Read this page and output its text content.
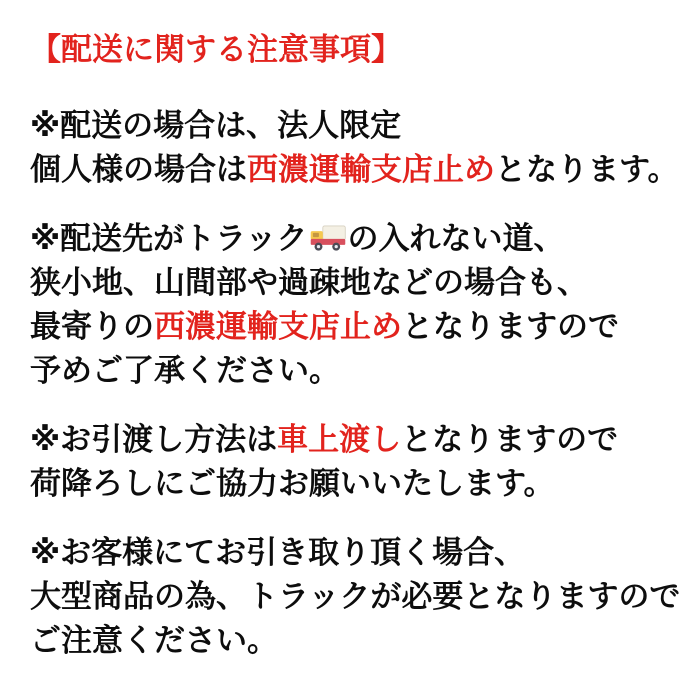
【配送に関する注意事項】

※配送の場合は、法人限定
個人様の場合は西濃運輸支店止めとなります。

※配送先がトラック の入れない道、
狭小地、山間部や過疎地などの場合も、
最寄りの西濃運輸支店止めとなりますので
予めご了承ください。

※お引渡し方法は車上渡しとなりますので
荷降ろしにご協力お願いいたします。

※お客様にてお引き取り頂く場合、
大型商品の為、トラックが必要となりますので
ご注意ください。
